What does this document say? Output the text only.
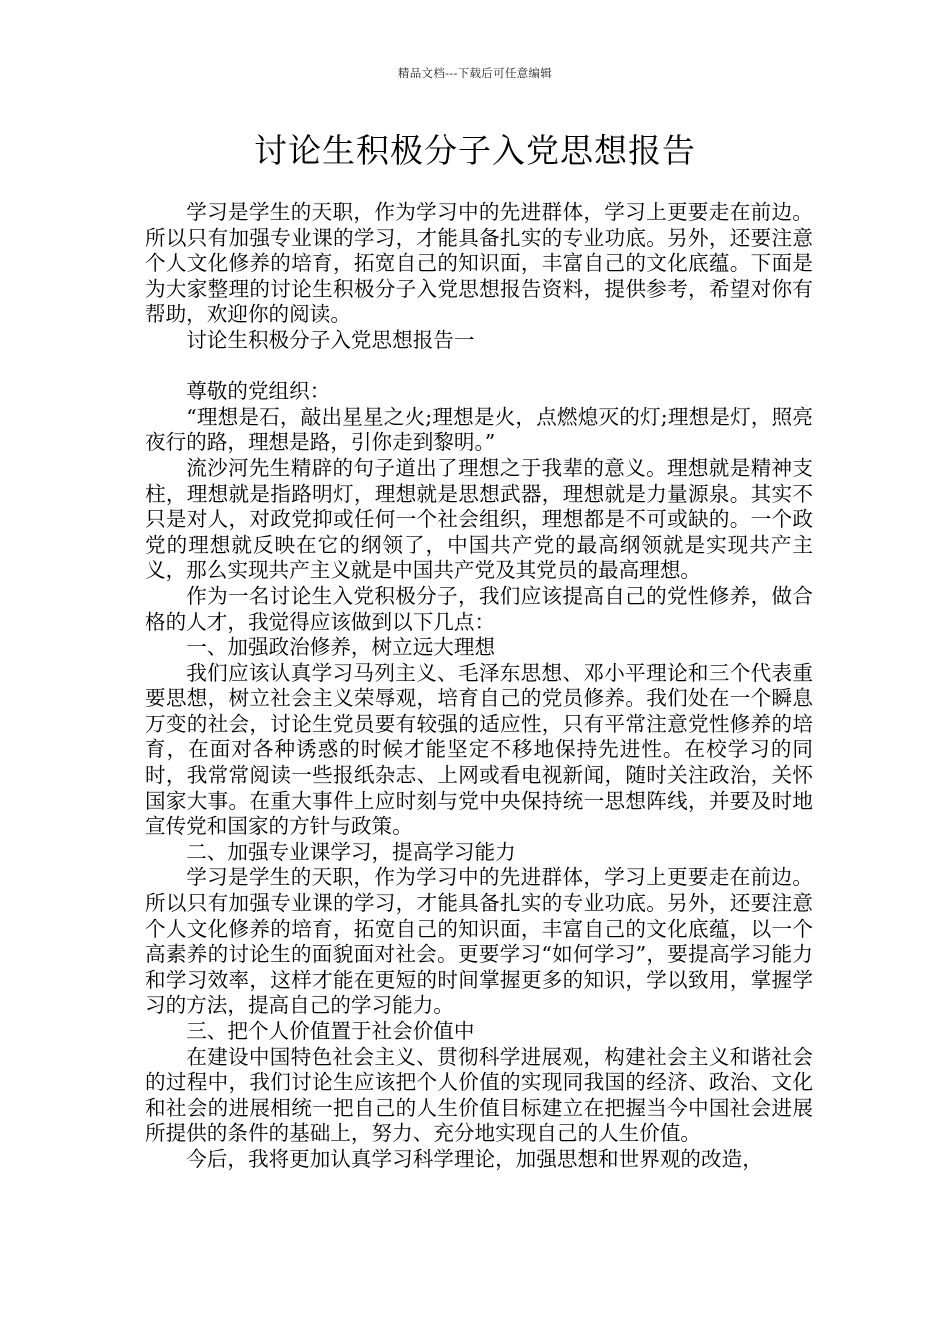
精品文档---下载后可任意编辑
讨论生积极分子入党思想报告

学习是学生的天职，作为学习中的先进群体，学习上更要走在前边。所以只有加强专业课的学习，才能具备扎实的专业功底。另外，还要注意个人文化修养的培育，拓宽自己的知识面，丰富自己的文化底蕴。下面是为大家整理的讨论生积极分子入党思想报告资料，提供参考，希望对你有帮助，欢迎你的阅读。

讨论生积极分子入党思想报告一

尊敬的党组织：

“理想是石，敲出星星之火;理想是火，点燃熄灭的灯;理想是灯，照亮夜行的路，理想是路，引你走到黎明。”

流沙河先生精辟的句子道出了理想之于我辈的意义。理想就是精神支柱，理想就是指路明灯，理想就是思想武器，理想就是力量源泉。其实不只是对人，对政党抑或任何一个社会组织，理想都是不可或缺的。一个政党的理想就反映在它的纲领了，中国共产党的最高纲领就是实现共产主义，那么实现共产主义就是中国共产党及其党员的最高理想。

作为一名讨论生入党积极分子，我们应该提高自己的党性修养，做合格的人才，我觉得应该做到以下几点：

一、加强政治修养，树立远大理想

我们应该认真学习马列主义、毛泽东思想、邓小平理论和三个代表重要思想，树立社会主义荣辱观，培育自己的党员修养。我们处在一个瞬息万变的社会，讨论生党员要有较强的适应性，只有平常注意党性修养的培育，在面对各种诱惑的时候才能坚定不移地保持先进性。在校学习的同时，我常常阅读一些报纸杂志、上网或看电视新闻，随时关注政治，关怀国家大事。在重大事件上应时刻与党中央保持统一思想阵线，并要及时地宣传党和国家的方针与政策。

二、加强专业课学习，提高学习能力

学习是学生的天职，作为学习中的先进群体，学习上更要走在前边。所以只有加强专业课的学习，才能具备扎实的专业功底。另外，还要注意个人文化修养的培育，拓宽自己的知识面，丰富自己的文化底蕴，以一个高素养的讨论生的面貌面对社会。更要学习“如何学习”，要提高学习能力和学习效率，这样才能在更短的时间掌握更多的知识，学以致用，掌握学习的方法，提高自己的学习能力。

三、把个人价值置于社会价值中

在建设中国特色社会主义、贯彻科学进展观，构建社会主义和谐社会的过程中，我们讨论生应该把个人价值的实现同我国的经济、政治、文化和社会的进展相统一把自己的人生价值目标建立在把握当今中国社会进展所提供的条件的基础上，努力、充分地实现自己的人生价值。

今后，我将更加认真学习科学理论，加强思想和世界观的改造，
